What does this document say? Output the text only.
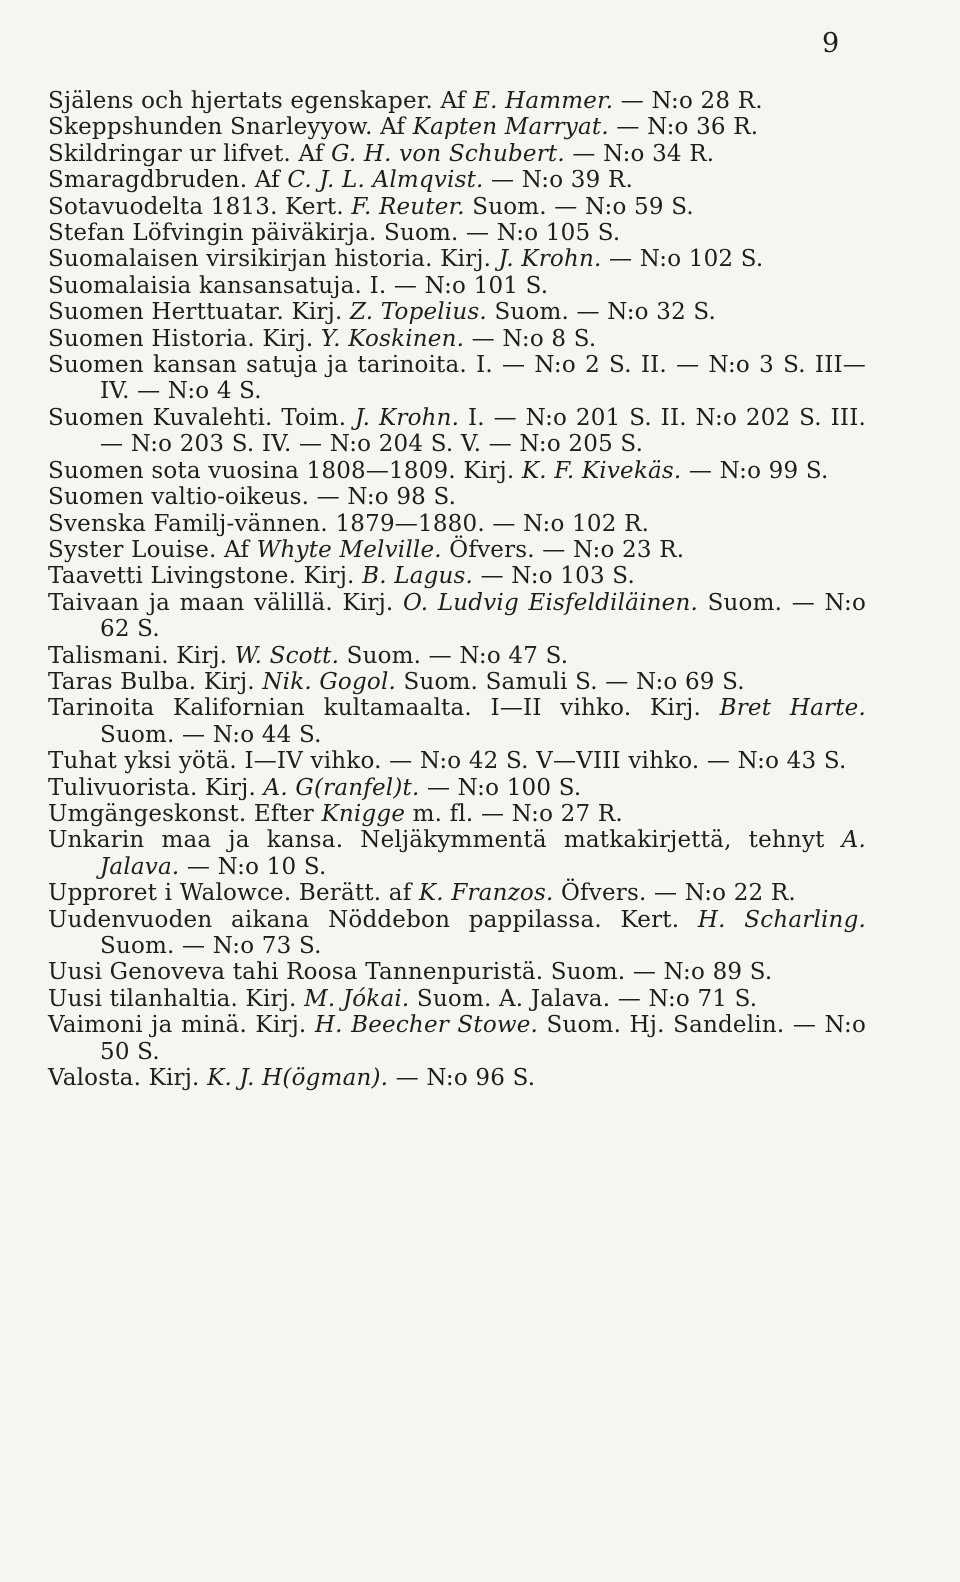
9
Själens och hjertats egenskaper. Af E. Hammer. — N:o 28 R.
Skeppshunden Snarleyyow. Af Kapten Marryat. — N:o 36 R.
Skildringar ur lifvet. Af G. H. von Schubert. — N:o 34 R.
Smaragdbruden. Af C. J. L. Almqvist. — N:o 39 R.
Sotavuodelta 1813. Kert. F. Reuter. Suom. — N:o 59 S.
Stefan Löfvingin päiväkirja. Suom. — N:o 105 S.
Suomalaisen virsikirjan historia. Kirj. J. Krohn. — N:o 102 S.
Suomalaisia kansansatuja. I. — N:o 101 S.
Suomen Herttuatar. Kirj. Z. Topelius. Suom. — N:o 32 S.
Suomen Historia. Kirj. Y. Koskinen. — N:o 8 S.
Suomen kansan satuja ja tarinoita. I. — N:o 2 S. II. — N:o 3 S. III—IV. — N:o 4 S.
Suomen Kuvalehti. Toim. J. Krohn. I. — N:o 201 S. II. N:o 202 S. III. — N:o 203 S. IV. — N:o 204 S. V. — N:o 205 S.
Suomen sota vuosina 1808—1809. Kirj. K. F. Kivekäs. — N:o 99 S.
Suomen valtio-oikeus. — N:o 98 S.
Svenska Familj-vännen. 1879—1880. — N:o 102 R.
Syster Louise. Af Whyte Melville. Öfvers. — N:o 23 R.
Taavetti Livingstone. Kirj. B. Lagus. — N:o 103 S.
Taivaan ja maan välillä. Kirj. O. Ludvig Eisfeldiläinen. Suom. — N:o 62 S.
Talismani. Kirj. W. Scott. Suom. — N:o 47 S.
Taras Bulba. Kirj. Nik. Gogol. Suom. Samuli S. — N:o 69 S.
Tarinoita Kalifornian kultamaalta. I—II vihko. Kirj. Bret Harte. Suom. — N:o 44 S.
Tuhat yksi yötä. I—IV vihko. — N:o 42 S. V—VIII vihko. — N:o 43 S.
Tulivuorista. Kirj. A. G(ranfel)t. — N:o 100 S.
Umgängeskonst. Efter Knigge m. fl. — N:o 27 R.
Unkarin maa ja kansa. Neljäkymmentä matkakirjettä, tehnyt A. Jalava. — N:o 10 S.
Upproret i Walowce. Berätt. af K. Franzos. Öfvers. — N:o 22 R.
Uudenvuoden aikana Nöddebon pappilassa. Kert. H. Scharling. Suom. — N:o 73 S.
Uusi Genoveva tahi Roosa Tannenpuristä. Suom. — N:o 89 S.
Uusi tilanhaltia. Kirj. M. Jókai. Suom. A. Jalava. — N:o 71 S.
Vaimoni ja minä. Kirj. H. Beecher Stowe. Suom. Hj. Sandelin. — N:o 50 S.
Valosta. Kirj. K. J. H(ögman). — N:o 96 S.
